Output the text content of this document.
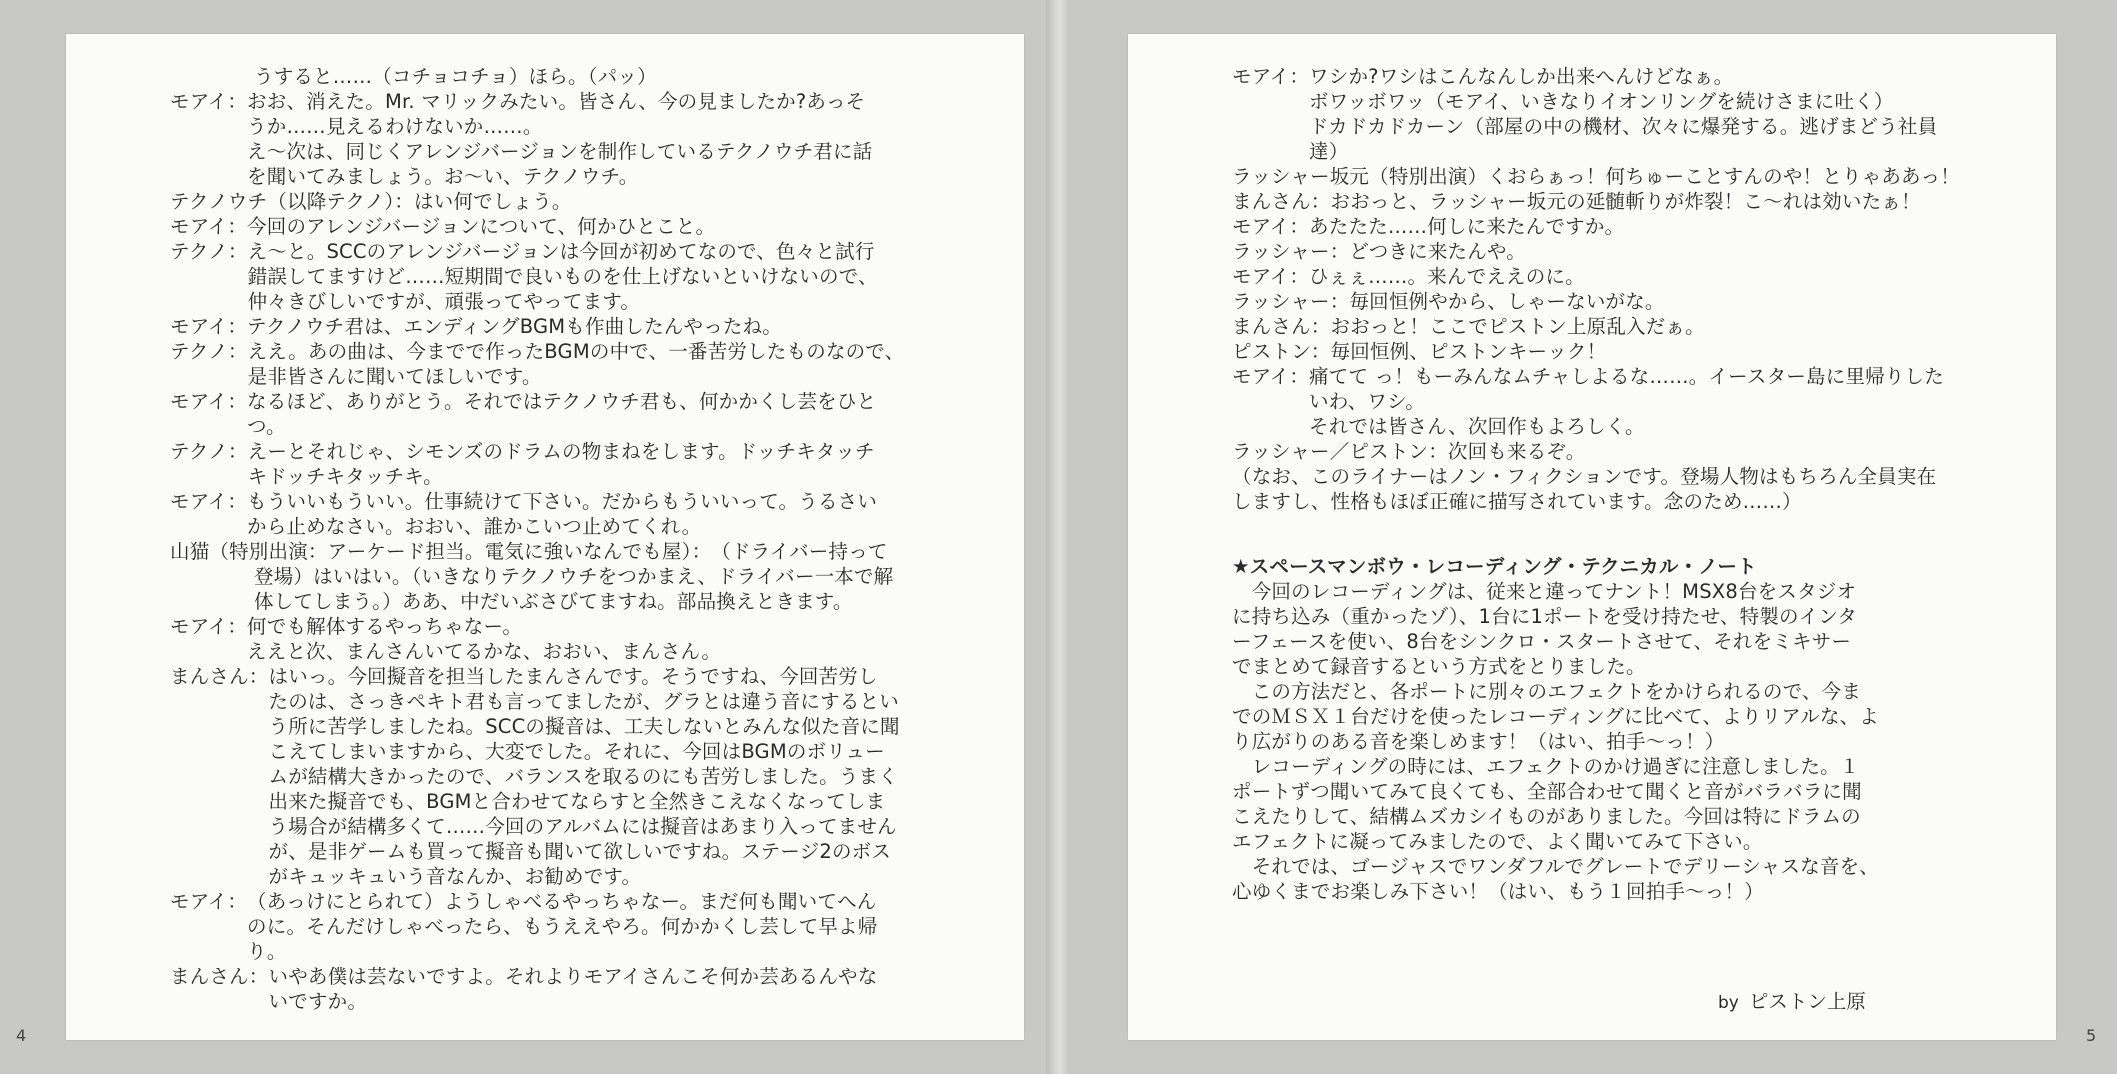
うすると……（コチョコチョ）ほら。（パッ）
モアイ： おお、消えた。Mr. マリックみたい。皆さん、今の見ましたか?あっそ
うか……見えるわけないか……。
え～次は、同じくアレンジバージョンを制作しているテクノウチ君に話
を聞いてみましょう。お～い、テクノウチ。
テクノウチ（以降テクノ）： はい何でしょう。
モアイ： 今回のアレンジバージョンについて、何かひとこと。
テクノ： え～と。SCCのアレンジバージョンは今回が初めてなので、色々と試行
錯誤してますけど……短期間で良いものを仕上げないといけないので、
仲々きびしいですが、頑張ってやってます。
モアイ： テクノウチ君は、エンディングBGMも作曲したんやったね。
テクノ： ええ。あの曲は、今までで作ったBGMの中で、一番苦労したものなので、
是非皆さんに聞いてほしいです。
モアイ： なるほど、ありがとう。それではテクノウチ君も、何かかくし芸をひと
つ。
テクノ： えーとそれじゃ、シモンズのドラムの物まねをします。ドッチキタッチ
キドッチキタッチキ。
モアイ： もういいもういい。仕事続けて下さい。だからもういいって。うるさい
から止めなさい。おおい、誰かこいつ止めてくれ。
山猫（特別出演：アーケード担当。電気に強いなんでも屋）： （ドライバー持って
登場）はいはい。（いきなりテクノウチをつかまえ、ドライバー一本で解
体してしまう。）ああ、中だいぶさびてますね。部品換えときます。
モアイ： 何でも解体するやっちゃなー。
ええと次、まんさんいてるかな、おおい、まんさん。
まんさん： はいっ。今回擬音を担当したまんさんです。そうですね、今回苦労し
たのは、さっきペキト君も言ってましたが、グラとは違う音にするとい
う所に苦学しましたね。SCCの擬音は、工夫しないとみんな似た音に聞
こえてしまいますから、大変でした。それに、今回はBGMのボリュー
ムが結構大きかったので、バランスを取るのにも苦労しました。うまく
出来た擬音でも、BGMと合わせてならすと全然きこえなくなってしま
う場合が結構多くて……今回のアルバムには擬音はあまり入ってません
が、是非ゲームも買って擬音も聞いて欲しいですね。ステージ2のボス
がキュッキュいう音なんか、お勧めです。
モアイ： （あっけにとられて）ようしゃべるやっちゃなー。まだ何も聞いてへん
のに。そんだけしゃべったら、もうええやろ。何かかくし芸して早よ帰
り。
まんさん： いやあ僕は芸ないですよ。それよりモアイさんこそ何か芸あるんやな
いですか。
モアイ： ワシか?ワシはこんなんしか出来へんけどなぁ。
ボワッボワッ（モアイ、いきなりイオンリングを続けさまに吐く）
ドカドカドカーン（部屋の中の機材、次々に爆発する。逃げまどう社員
達）
ラッシャー坂元（特別出演） くおらぁっ！何ちゅーことすんのや！とりゃああっ！
まんさん： おおっと、ラッシャー坂元の延髄斬りが炸裂！こ～れは効いたぁ！
モアイ： あたたた……何しに来たんですか。
ラッシャー： どつきに来たんや。
モアイ： ひぇぇ……。来んでええのに。
ラッシャー： 毎回恒例やから、しゃーないがな。
まんさん： おおっと！ここでピストン上原乱入だぁ。
ピストン： 毎回恒例、ピストンキーック！
モアイ： 痛てて っ！もーみんなムチャしよるな……。イースター島に里帰りした
いわ、ワシ。
それでは皆さん、次回作もよろしく。
ラッシャー／ピストン： 次回も来るぞ。
（なお、このライナーはノン・フィクションです。登場人物はもちろん全員実在
しますし、性格もほぼ正確に描写されています。念のため……）
★スペースマンボウ・レコーディング・テクニカル・ノート
　今回のレコーディングは、従来と違ってナント！MSX8台をスタジオ
に持ち込み（重かったゾ）、1台に1ポートを受け持たせ、特製のインタ
ーフェースを使い、8台をシンクロ・スタートさせて、それをミキサー
でまとめて録音するという方式をとりました。
　この方法だと、各ポートに別々のエフェクトをかけられるので、今ま
でのＭＳＸ１台だけを使ったレコーディングに比べて、よりリアルな、よ
り広がりのある音を楽しめます！（はい、拍手～っ！）
　レコーディングの時には、エフェクトのかけ過ぎに注意しました。１
ポートずつ聞いてみて良くても、全部合わせて聞くと音がバラバラに聞
こえたりして、結構ムズカシイものがありました。今回は特にドラムの
エフェクトに凝ってみましたので、よく聞いてみて下さい。
　それでは、ゴージャスでワンダフルでグレートでデリーシャスな音を、
心ゆくまでお楽しみ下さい！（はい、もう１回拍手～っ！）
by ピストン上原
4	5
